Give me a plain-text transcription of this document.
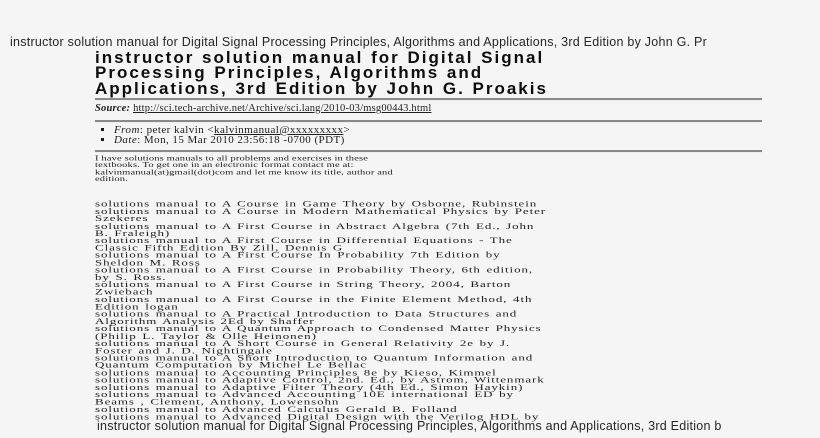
instructor solution manual for Digital Signal Processing Principles, Algorithms and Applications, 3rd Edition by John G. Pr
instructor solution manual for Digital Signal
Processing Principles, Algorithms and
Applications, 3rd Edition by John G. Proakis
Source: http://sci.tech-archive.net/Archive/sci.lang/2010-03/msg00443.html
▪ From: peter kalvin <kalvinmanual@xxxxxxxxx>
▪ Date: Mon, 15 Mar 2010 23:56:18 -0700 (PDT)
I have solutions manuals to all problems and exercises in these
textbooks. To get one in an electronic format contact me at:
kalvinmanual(at)gmail(dot)com and let me know its title, author and
edition.
solutions manual to A Course in Game Theory by Osborne, Rubinstein
solutions manual to A Course in Modern Mathematical Physics by Peter
Szekeres
solutions manual to A First Course in Abstract Algebra (7th Ed., John
B. Fraleigh)
solutions manual to A First Course in Differential Equations - The
Classic Fifth Edition By Zill, Dennis G
solutions manual to A First Course In Probability 7th Edition by
Sheldon M. Ross
solutions manual to A First Course in Probability Theory, 6th edition,
by S. Ross.
solutions manual to A First Course in String Theory, 2004, Barton
Zwiebach
solutions manual to A First Course in the Finite Element Method, 4th
Edition logan
solutions manual to A Practical Introduction to Data Structures and
Algorithm Analysis 2Ed by Shaffer
solutions manual to A Quantum Approach to Condensed Matter Physics
(Philip L. Taylor & Olle Heinonen)
solutions manual to A Short Course in General Relativity 2e by J.
Foster and J. D. Nightingale
solutions manual to A Short Introduction to Quantum Information and
Quantum Computation by Michel Le Bellac
solutions manual to Accounting Principles 8e by Kieso, Kimmel
solutions manual to Adaptive Control, 2nd. Ed., by Astrom, Wittenmark
solutions manual to Adaptive Filter Theory (4th Ed., Simon Haykin)
solutions manual to Advanced Accounting 10E international ED by
Beams , Clement, Anthony, Lowensohn
solutions manual to Advanced Calculus Gerald B. Folland
solutions manual to Advanced Digital Design with the Verilog HDL by
instructor solution manual for Digital Signal Processing Principles, Algorithms and Applications, 3rd Edition b
